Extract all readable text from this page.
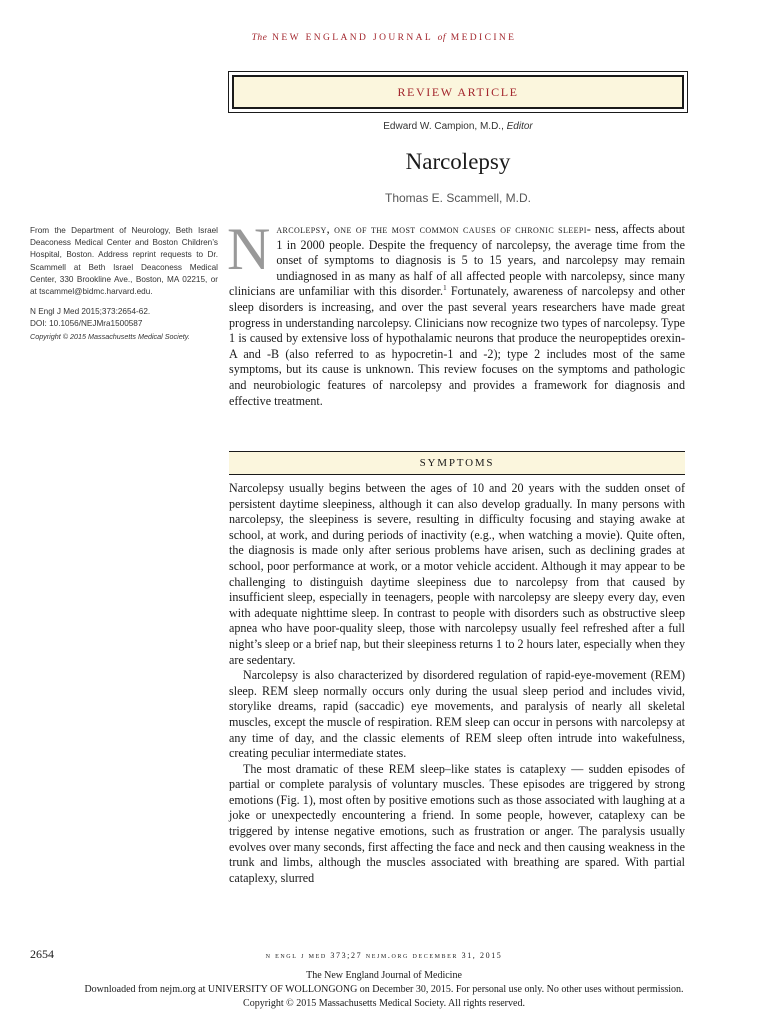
The NEW ENGLAND JOURNAL of MEDICINE
REVIEW ARTICLE
Edward W. Campion, M.D., Editor
Narcolepsy
Thomas E. Scammell, M.D.
From the Department of Neurology, Beth Israel Deaconess Medical Center and Boston Children’s Hospital, Boston. Address reprint requests to Dr. Scammell at Beth Israel Deaconess Medical Center, 330 Brookline Ave., Boston, MA 02215, or at tscammel@bidmc.harvard.edu.
N Engl J Med 2015;373:2654-62.
DOI: 10.1056/NEJMra1500587
Copyright © 2015 Massachusetts Medical Society.

Narcolepsy, one of the most common causes of chronic sleepi- ness, affects about 1 in 2000 people. Despite the frequency of narcolepsy, the average time from the onset of symptoms to diagnosis is 5 to 15 years, and narcolepsy may remain undiagnosed in as many as half of all affected people with narcolepsy, since many clinicians are unfamiliar with this disorder.$^1$ Fortunately, awareness of narcolepsy and other sleep disorders is increasing, and over the past several years researchers have made great progress in understanding narcolepsy. Clinicians now recognize two types of narcolepsy. Type 1 is caused by extensive loss of hypothalamic neurons that produce the neuropeptides orexin-A and -B (also referred to as hypocretin-1 and -2); type 2 includes most of the same symptoms, but its cause is unknown. This review focuses on the symptoms and pathologic and neurobiologic features of narcolepsy and provides a framework for diagnosis and effective treatment.

SYMPTOMS

Narcolepsy usually begins between the ages of 10 and 20 years with the sudden onset of persistent daytime sleepiness, although it can also develop gradually. In many persons with narcolepsy, the sleepiness is severe, resulting in difficulty focusing and staying awake at school, at work, and during periods of inactivity (e.g., when watching a movie). Quite often, the diagnosis is made only after serious problems have arisen, such as declining grades at school, poor performance at work, or a motor vehicle accident. Although it may appear to be challenging to distinguish daytime sleepiness due to narcolepsy from that caused by insufficient sleep, especially in teenagers, people with narcolepsy are sleepy every day, even with adequate nighttime sleep. In contrast to people with disorders such as obstructive sleep apnea who have poor-quality sleep, those with narcolepsy usually feel refreshed after a full night’s sleep or a brief nap, but their sleepiness returns 1 to 2 hours later, especially when they are sedentary.

Narcolepsy is also characterized by disordered regulation of rapid-eye-movement (REM) sleep. REM sleep normally occurs only during the usual sleep period and includes vivid, storylike dreams, rapid (saccadic) eye movements, and paralysis of nearly all skeletal muscles, except the muscle of respiration. REM sleep can occur in persons with narcolepsy at any time of day, and the classic elements of REM sleep often intrude into wakefulness, creating peculiar intermediate states.

The most dramatic of these REM sleep–like states is cataplexy — sudden episodes of partial or complete paralysis of voluntary muscles. These episodes are triggered by strong emotions (Fig. 1), most often by positive emotions such as those associated with laughing at a joke or unexpectedly encountering a friend. In some people, however, cataplexy can be triggered by intense negative emotions, such as frustration or anger. The paralysis usually evolves over many seconds, first affecting the face and neck and then causing weakness in the trunk and limbs, although the muscles associated with breathing are spared. With partial cataplexy, slurred

2654	n engl j med 373;27 nejm.org december 31, 2015
The New England Journal of Medicine
Downloaded from nejm.org at UNIVERSITY OF WOLLONGONG on December 30, 2015. For personal use only. No other uses without permission.
Copyright © 2015 Massachusetts Medical Society. All rights reserved.
